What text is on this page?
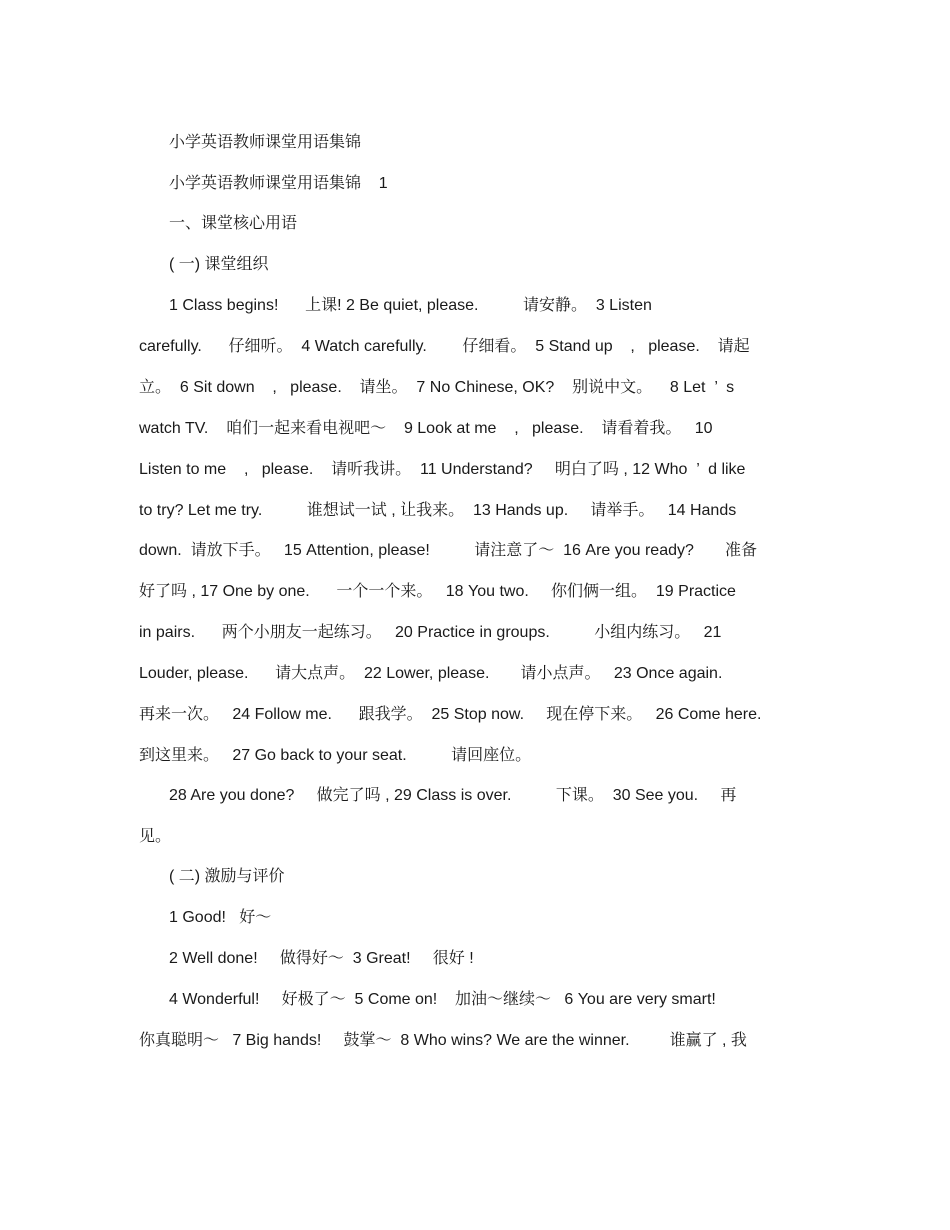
小学英语教师课堂用语集锦
小学英语教师课堂用语集锦    1
一、课堂核心用语
( 一) 课堂组织
1 Class begins!      上课! 2 Be quiet, please.          请安静。  3 Listen
carefully.      仔细听。  4 Watch carefully.        仔细看。  5 Stand up    ,   please.    请起
立。  6 Sit down    ,   please.    请坐。  7 No Chinese, OK?    别说中文。    8 Let  ’  s
watch TV.    咱们一起来看电视吧～    9 Look at me    ,   please.    请看着我。   10
Listen to me    ,   please.    请听我讲。  11 Understand?     明白了吗 , 12 Who  ’  d like
to try? Let me try.          谁想试一试 , 让我来。  13 Hands up.     请举手。   14 Hands
down.  请放下手。   15 Attention, please!          请注意了～  16 Are you ready?       准备
好了吗 , 17 One by one.      一个一个来。   18 You two.     你们俩一组。  19 Practice
in pairs.      两个小朋友一起练习。   20 Practice in groups.          小组内练习。   21
Louder, please.      请大点声。  22 Lower, please.       请小点声。   23 Once again.
再来一次。   24 Follow me.      跟我学。  25 Stop now.     现在停下来。   26 Come here.
到这里来。   27 Go back to your seat.          请回座位。
28 Are you done?     做完了吗 , 29 Class is over.          下课。  30 See you.     再
见。
( 二) 激励与评价
1 Good!   好～
2 Well done!     做得好～  3 Great!     很好 !
4 Wonderful!     好极了～  5 Come on!    加油～继续～   6 You are very smart!
你真聪明～   7 Big hands!     鼓掌～  8 Who wins? We are the winner.         谁赢了 , 我
